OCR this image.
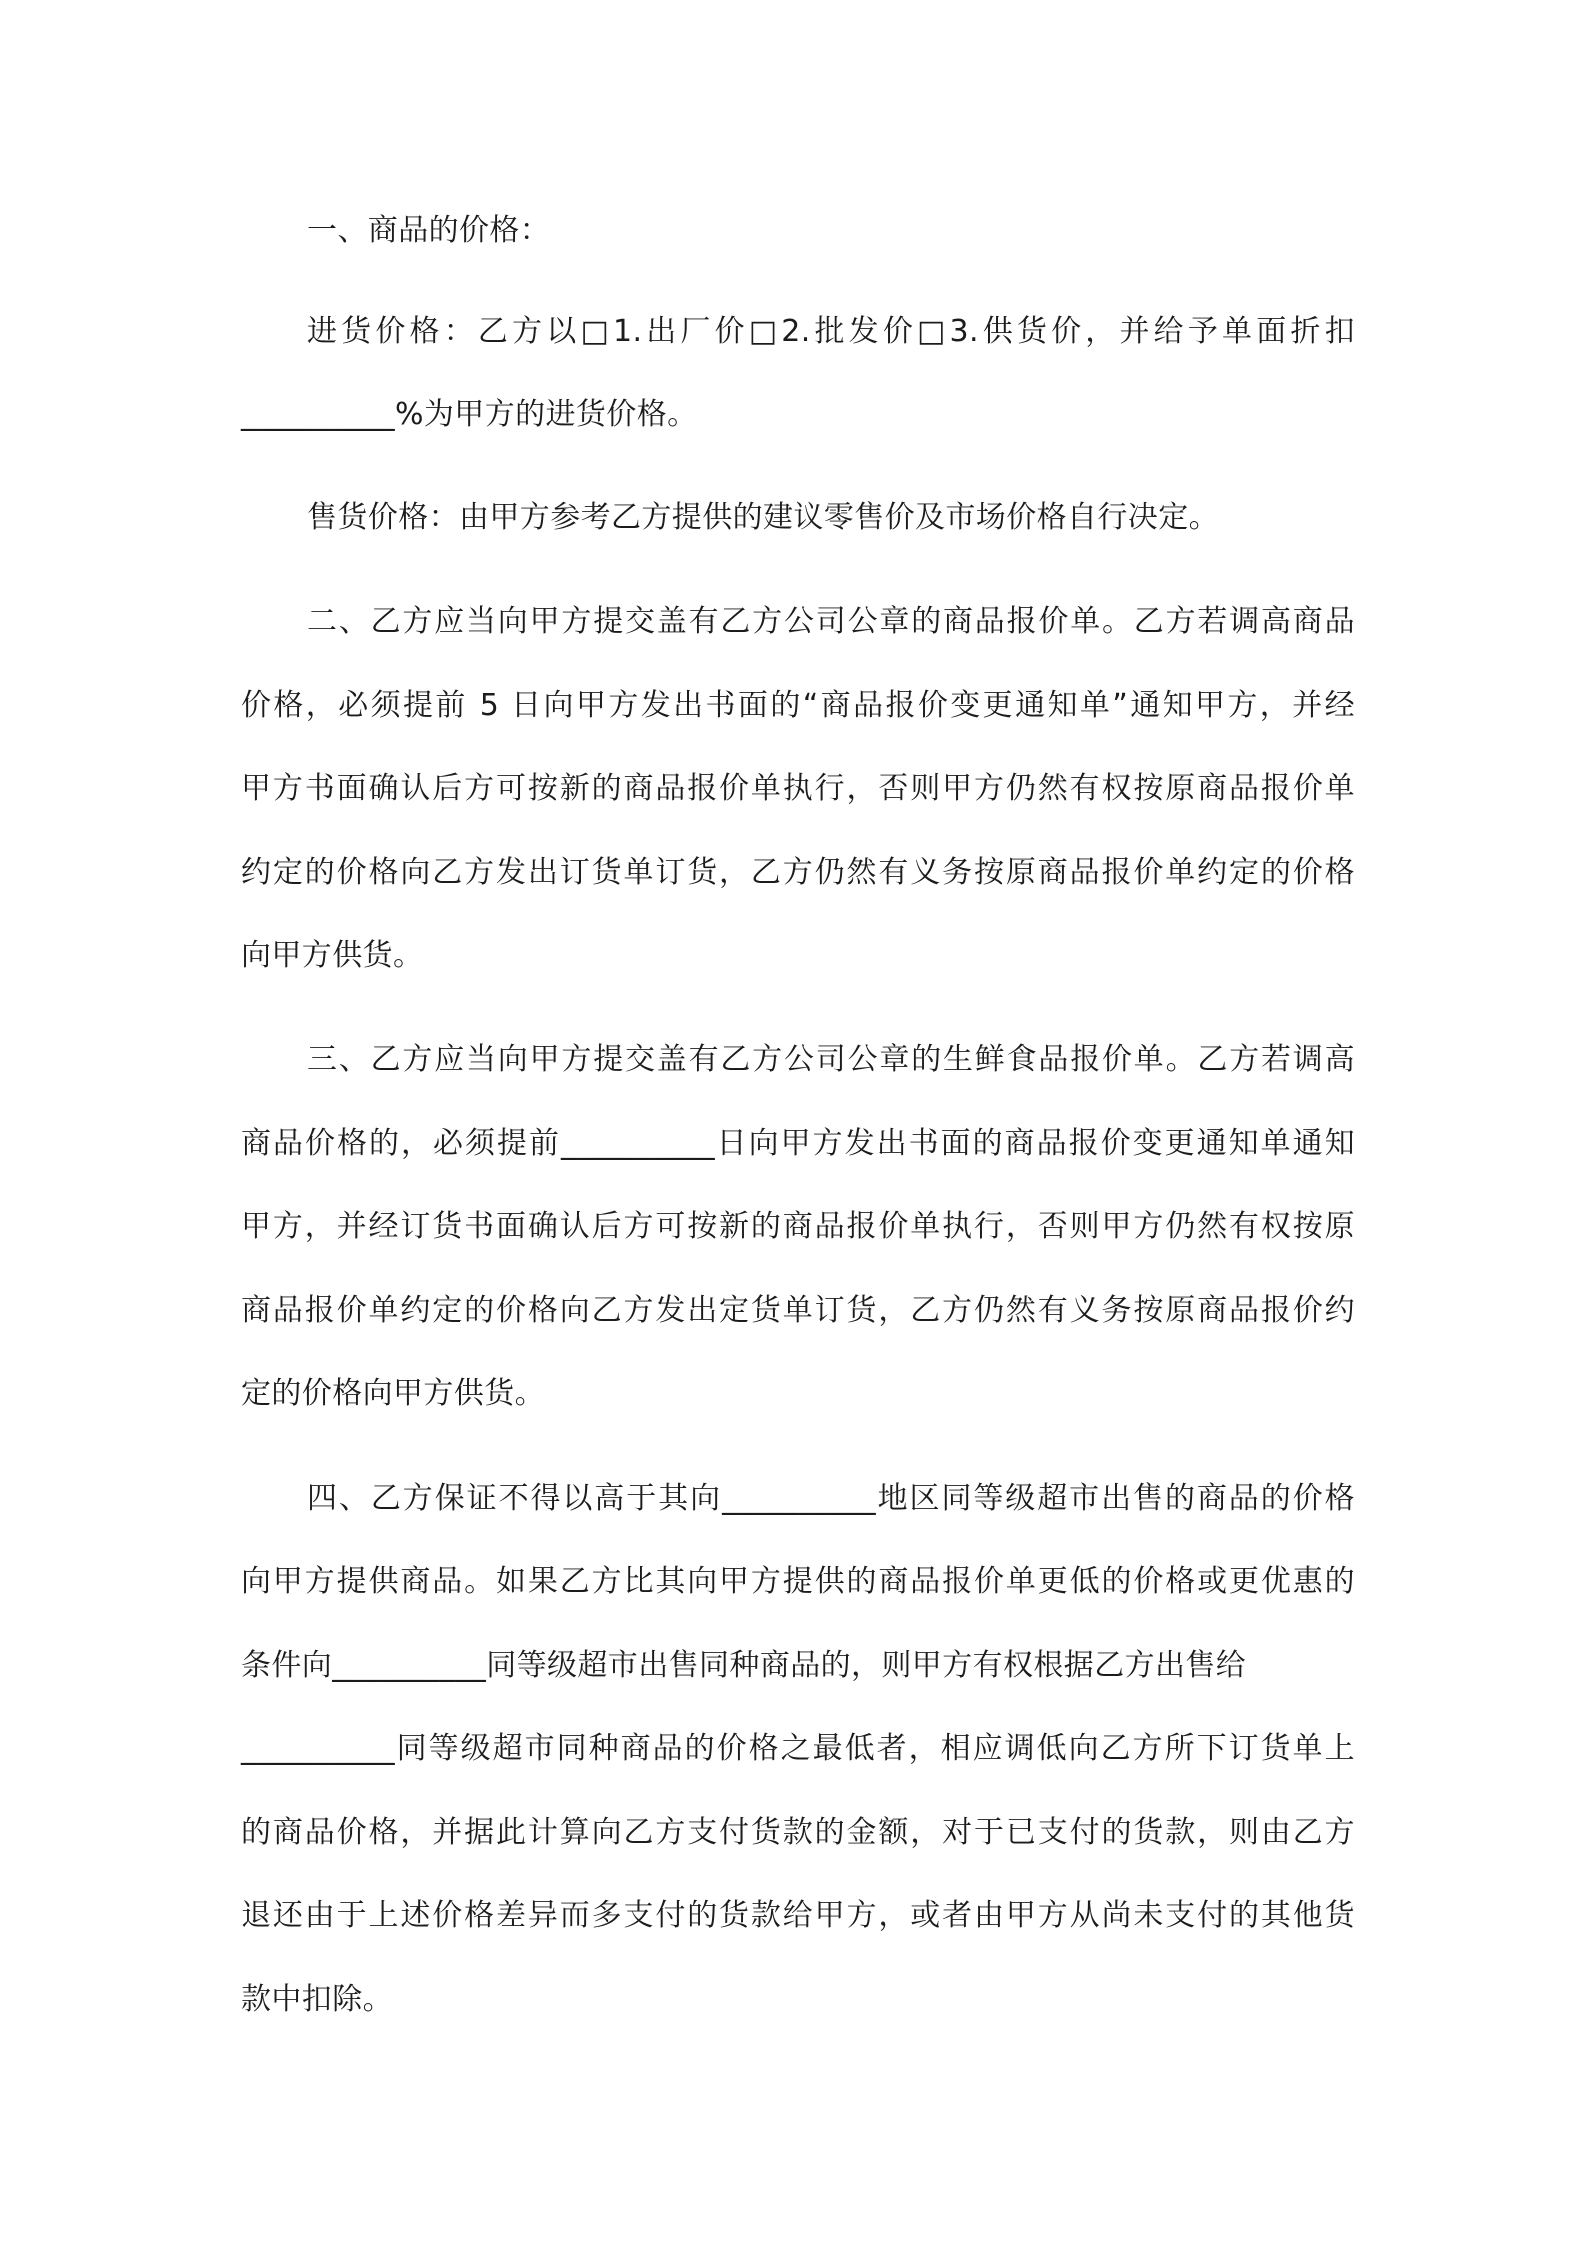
一、商品的价格：
进货价格：乙方以□1.出厂价□2.批发价□3.供货价，并给予单面折扣
__________%为甲方的进货价格。
售货价格：由甲方参考乙方提供的建议零售价及市场价格自行决定。
二、乙方应当向甲方提交盖有乙方公司公章的商品报价单。乙方若调高商品
价格，必须提前 5 日向甲方发出书面的“商品报价变更通知单”通知甲方，并经
甲方书面确认后方可按新的商品报价单执行，否则甲方仍然有权按原商品报价单
约定的价格向乙方发出订货单订货，乙方仍然有义务按原商品报价单约定的价格
向甲方供货。
三、乙方应当向甲方提交盖有乙方公司公章的生鲜食品报价单。乙方若调高
商品价格的，必须提前__________日向甲方发出书面的商品报价变更通知单通知
甲方，并经订货书面确认后方可按新的商品报价单执行，否则甲方仍然有权按原
商品报价单约定的价格向乙方发出定货单订货，乙方仍然有义务按原商品报价约
定的价格向甲方供货。
四、乙方保证不得以高于其向__________地区同等级超市出售的商品的价格
向甲方提供商品。如果乙方比其向甲方提供的商品报价单更低的价格或更优惠的
条件向__________同等级超市出售同种商品的，则甲方有权根据乙方出售给
__________同等级超市同种商品的价格之最低者，相应调低向乙方所下订货单上
的商品价格，并据此计算向乙方支付货款的金额，对于已支付的货款，则由乙方
退还由于上述价格差异而多支付的货款给甲方，或者由甲方从尚未支付的其他货
款中扣除。
